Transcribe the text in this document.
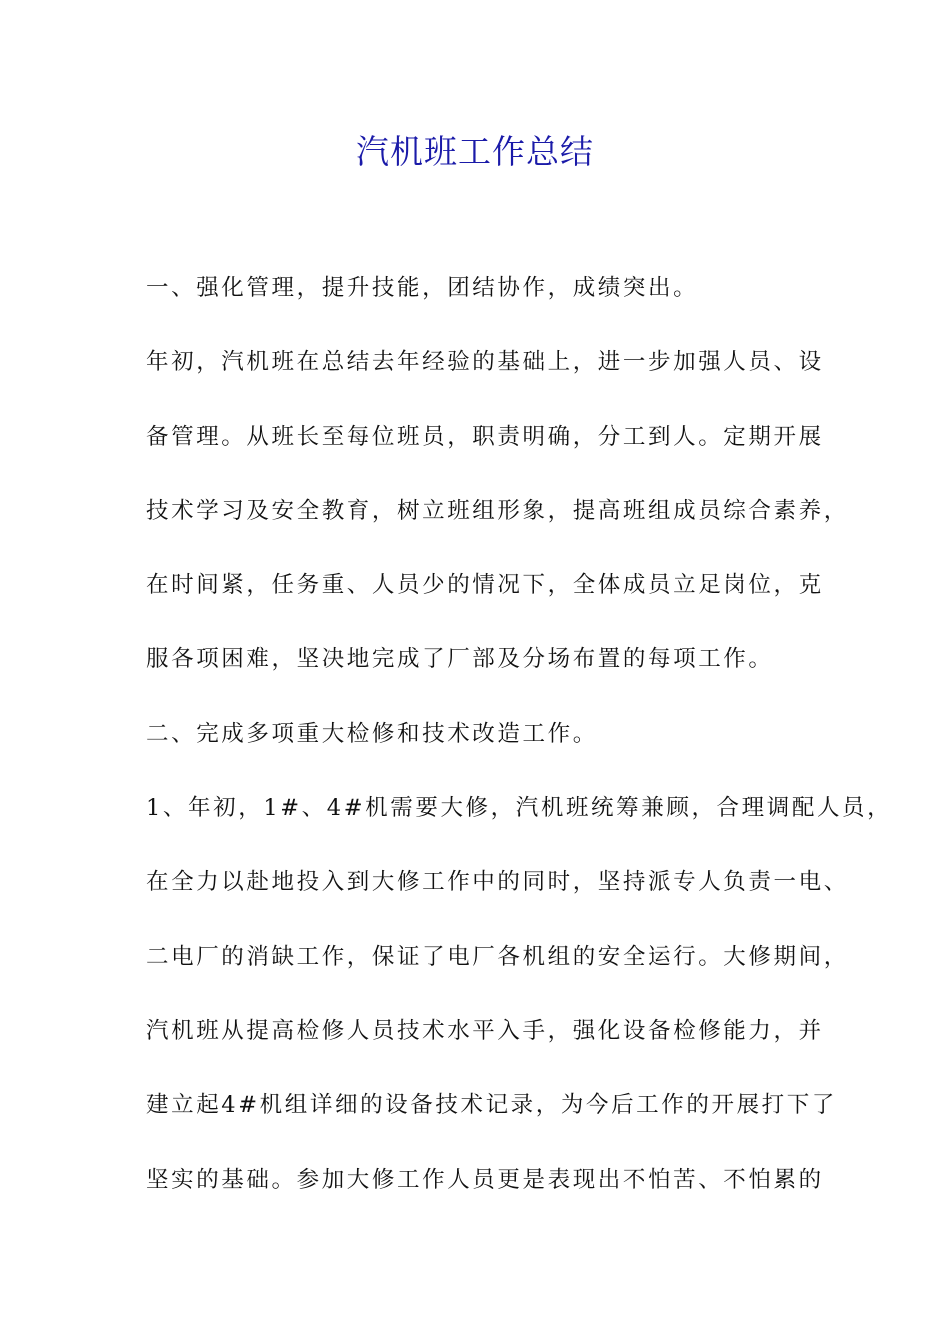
汽机班工作总结
一、强化管理，提升技能，团结协作，成绩突出。
年初，汽机班在总结去年经验的基础上，进一步加强人员、设
备管理。从班长至每位班员，职责明确，分工到人。定期开展
技术学习及安全教育，树立班组形象，提高班组成员综合素养，
在时间紧，任务重、人员少的情况下，全体成员立足岗位，克
服各项困难，坚决地完成了厂部及分场布置的每项工作。
二、完成多项重大检修和技术改造工作。
1、年初，1#、4#机需要大修，汽机班统筹兼顾，合理调配人员，
在全力以赴地投入到大修工作中的同时，坚持派专人负责一电、
二电厂的消缺工作，保证了电厂各机组的安全运行。大修期间，
汽机班从提高检修人员技术水平入手，强化设备检修能力，并
建立起4#机组详细的设备技术记录，为今后工作的开展打下了
坚实的基础。参加大修工作人员更是表现出不怕苦、不怕累的
